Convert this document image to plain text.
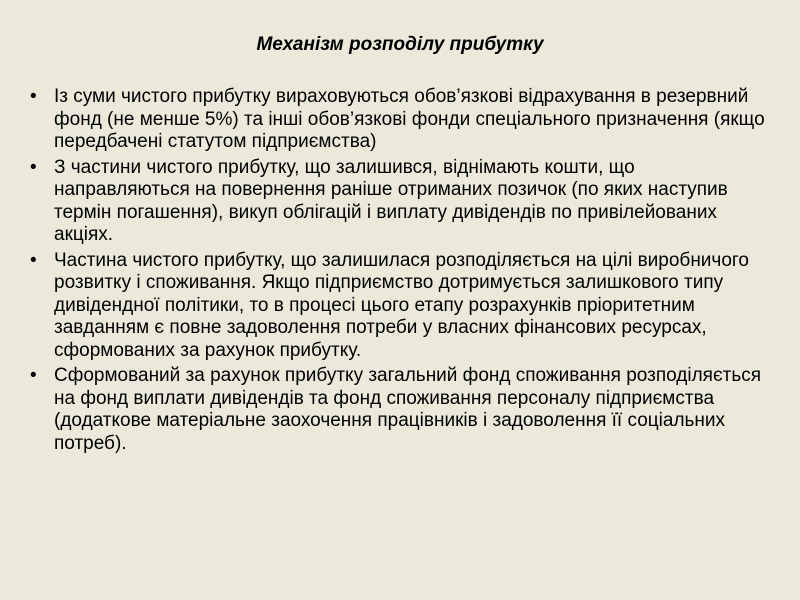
Механізм розподілу прибутку
• Із суми чистого прибутку вираховуються обов’язкові відрахування в резервний фонд (не менше 5%) та інші обов’язкові фонди спеціального призначення (якщо передбачені статутом підприємства)
• З частини чистого прибутку, що залишився, віднімають кошти, що направляються на повернення раніше отриманих позичок (по яких наступив термін погашення), викуп облігацій і виплату дивідендів по привілейованих акціях.
• Частина чистого прибутку, що залишилася розподіляється на цілі виробничого розвитку і споживання. Якщо підприємство дотримується залишкового типу дивідендної політики, то в процесі цього етапу розрахунків пріоритетним завданням є повне задоволення потреби у власних фінансових ресурсах, сформованих за рахунок прибутку.
• Сформований за рахунок прибутку загальний фонд споживання розподіляється на фонд виплати дивідендів та фонд споживання персоналу підприємства (додаткове матеріальне заохочення працівників і задоволення її соціальних потреб).
